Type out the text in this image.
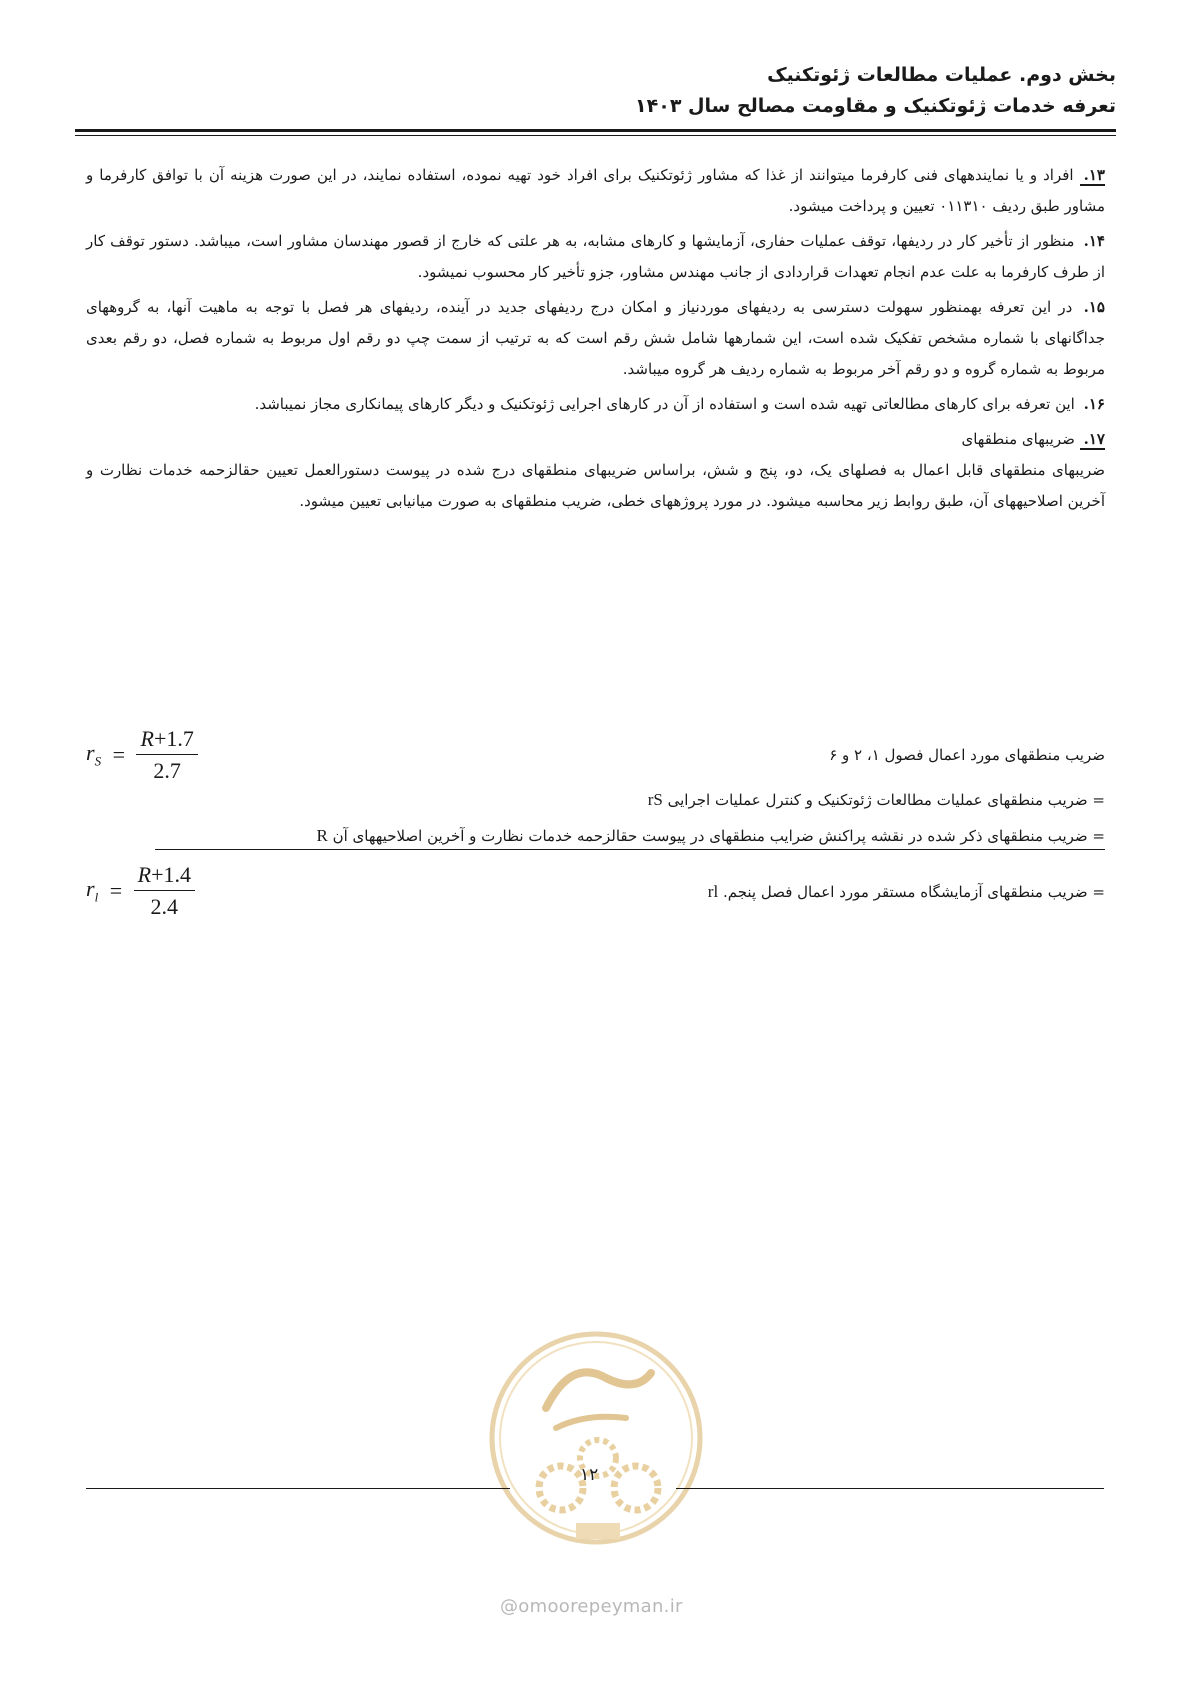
بخش دوم. عملیات مطالعات ژئوتکنیک
تعرفه خدمات ژئوتکنیک و مقاومت مصالح سال ۱۴۰۳

۱۳. افراد و یا نمایندههای فنی کارفرما میتوانند از غذا که مشاور ژئوتکنیک برای افراد خود تهیه نموده، استفاده نمایند، در این صورت هزینه آن با توافق کارفرما و مشاور طبق ردیف ۰۱۱۳۱۰ تعیین و پرداخت میشود.

۱۴. منظور از تأخیر کار در ردیفها، توقف عملیات حفاری، آزمایشها و کارهای مشابه، به هر علتی که خارج از قصور مهندسان مشاور است، میباشد. دستور توقف کار از طرف کارفرما به علت عدم انجام تعهدات قراردادی از جانب مهندس مشاور، جزو تأخیر کار محسوب نمیشود.

۱۵. در این تعرفه بهمنظور سهولت دسترسی به ردیفهای موردنیاز و امکان درج ردیفهای جدید در آینده، ردیفهای هر فصل با توجه به ماهیت آنها، به گروههای جداگانهای با شماره مشخص تفکیک شده است، این شمارهها شامل شش رقم است که به ترتیب از سمت چپ دو رقم اول مربوط به شماره فصل، دو رقم بعدی مربوط به شماره گروه و دو رقم آخر مربوط به شماره ردیف هر گروه میباشد.

۱۶. این تعرفه برای کارهای مطالعاتی تهیه شده است و استفاده از آن در کارهای اجرایی ژئوتکنیک و دیگر کارهای پیمانکاری مجاز نمیباشد.

۱۷. ضریبهای منطقهای

ضریبهای منطقهای قابل اعمال به فصلهای یک، دو، پنج و شش، براساس ضریبهای منطقهای درج شده در پیوست دستورالعمل تعیین حقالزحمه خدمات نظارت و آخرین اصلاحیههای آن، طبق روابط زیر محاسبه میشود. در مورد پروژههای خطی، ضریب منطقهای به صورت میانیابی تعیین میشود.

ضریب منطقهای مورد اعمال فصول ۱، ۲ و ۶
$r_S = \frac{R+1.7}{2.7}$
= ضریب منطقهای عملیات مطالعات ژئوتکنیک و کنترل عملیات اجرایی rS
= ضریب منطقهای ذکر شده در نقشه پراکنش ضرایب منطقهای در پیوست حقالزحمه خدمات نظارت و آخرین اصلاحیههای آن R
$r_l = \frac{R+1.4}{2.4}$	= ضریب منطقهای آزمایشگاه مستقر مورد اعمال فصل پنجم. rl
۱۲
@omoorepeyman.ir
